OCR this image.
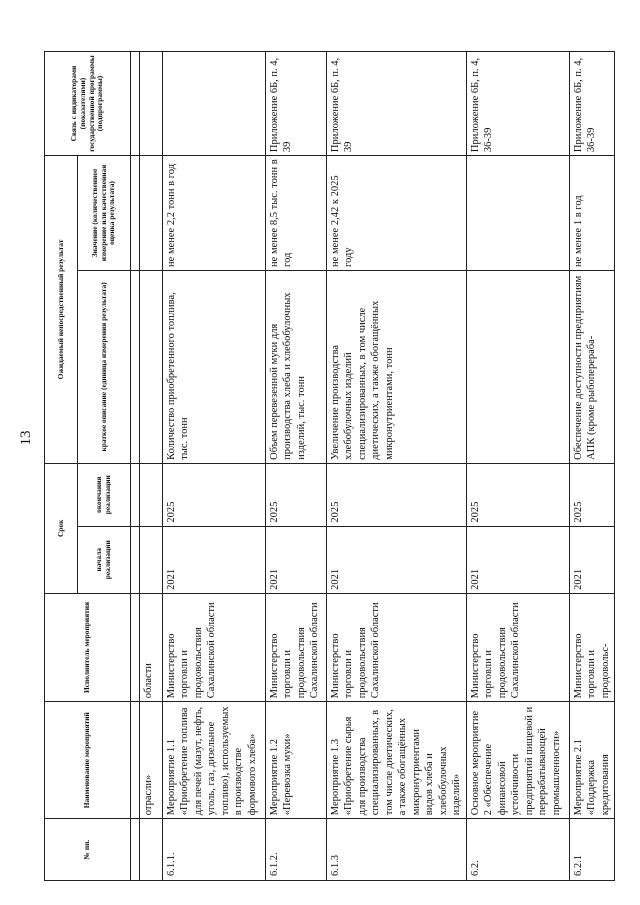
№ пп.	Наименование мероприятий	Исполнитель мероприятия	Срок		Ожидаемый непосредственный результат		Связь с индикаторами (показателями) государственной программы (подпрограммы)
			начала реализации	окончания реализации	краткое описание (единица измерения результата)	Значение (количественное измерение или качественная оценка результата)	

	отрасли»	области					
6.1.1.	Мероприятие 1.1 «Приобретение топлива для печей (мазут, нефть, уголь, газ, дизельное топливо), используемых в производстве формового хлеба»	Министерство торговли и продовольствия Сахалинской области	2021	2025	Количество приобретенного топлива, тыс. тонн	не менее 2,2 тонн в год	
6.1.2.	Мероприятие 1.2 «Перевозка муки»	Министерство торговли и продовольствия Сахалинской области	2021	2025	Объем перевезенной муки для производства хлеба и хлебобулочных изделий, тыс. тонн	не менее 8,5 тыс. тонн в год	Приложение 6Б, п. 4, 39
6.1.3	Мероприятие 1.3 «Приобретение сырья для производства специализированных, в том числе диетических, а также обогащённых микронутриентами видов хлеба и хлебобулочных изделий»	Министерство торговли и продовольствия Сахалинской области	2021	2025	Увеличение производства хлебобулочных изделий специализированных, в том числе диетических, а также обогащённых микронутриентами, тонн	не менее 2,42 к 2025 году	Приложение 6Б, п. 4, 39
6.2.	Основное мероприятие 2 «Обеспечение финансовой устойчивости предприятий пищевой и перерабатывающей промышленности»	Министерство торговли и продовольствия Сахалинской области	2021	2025			Приложение 6Б, п. 4, 36-39
6.2.1	Мероприятие 2.1 «Поддержка кредитования	Министерство торговли и продовольс-	2021	2025	Обеспечение доступности предприятиям АПК (кроме рыбоперераба-	не менее 1 в год	Приложение 6Б, п. 4, 36-39
13
